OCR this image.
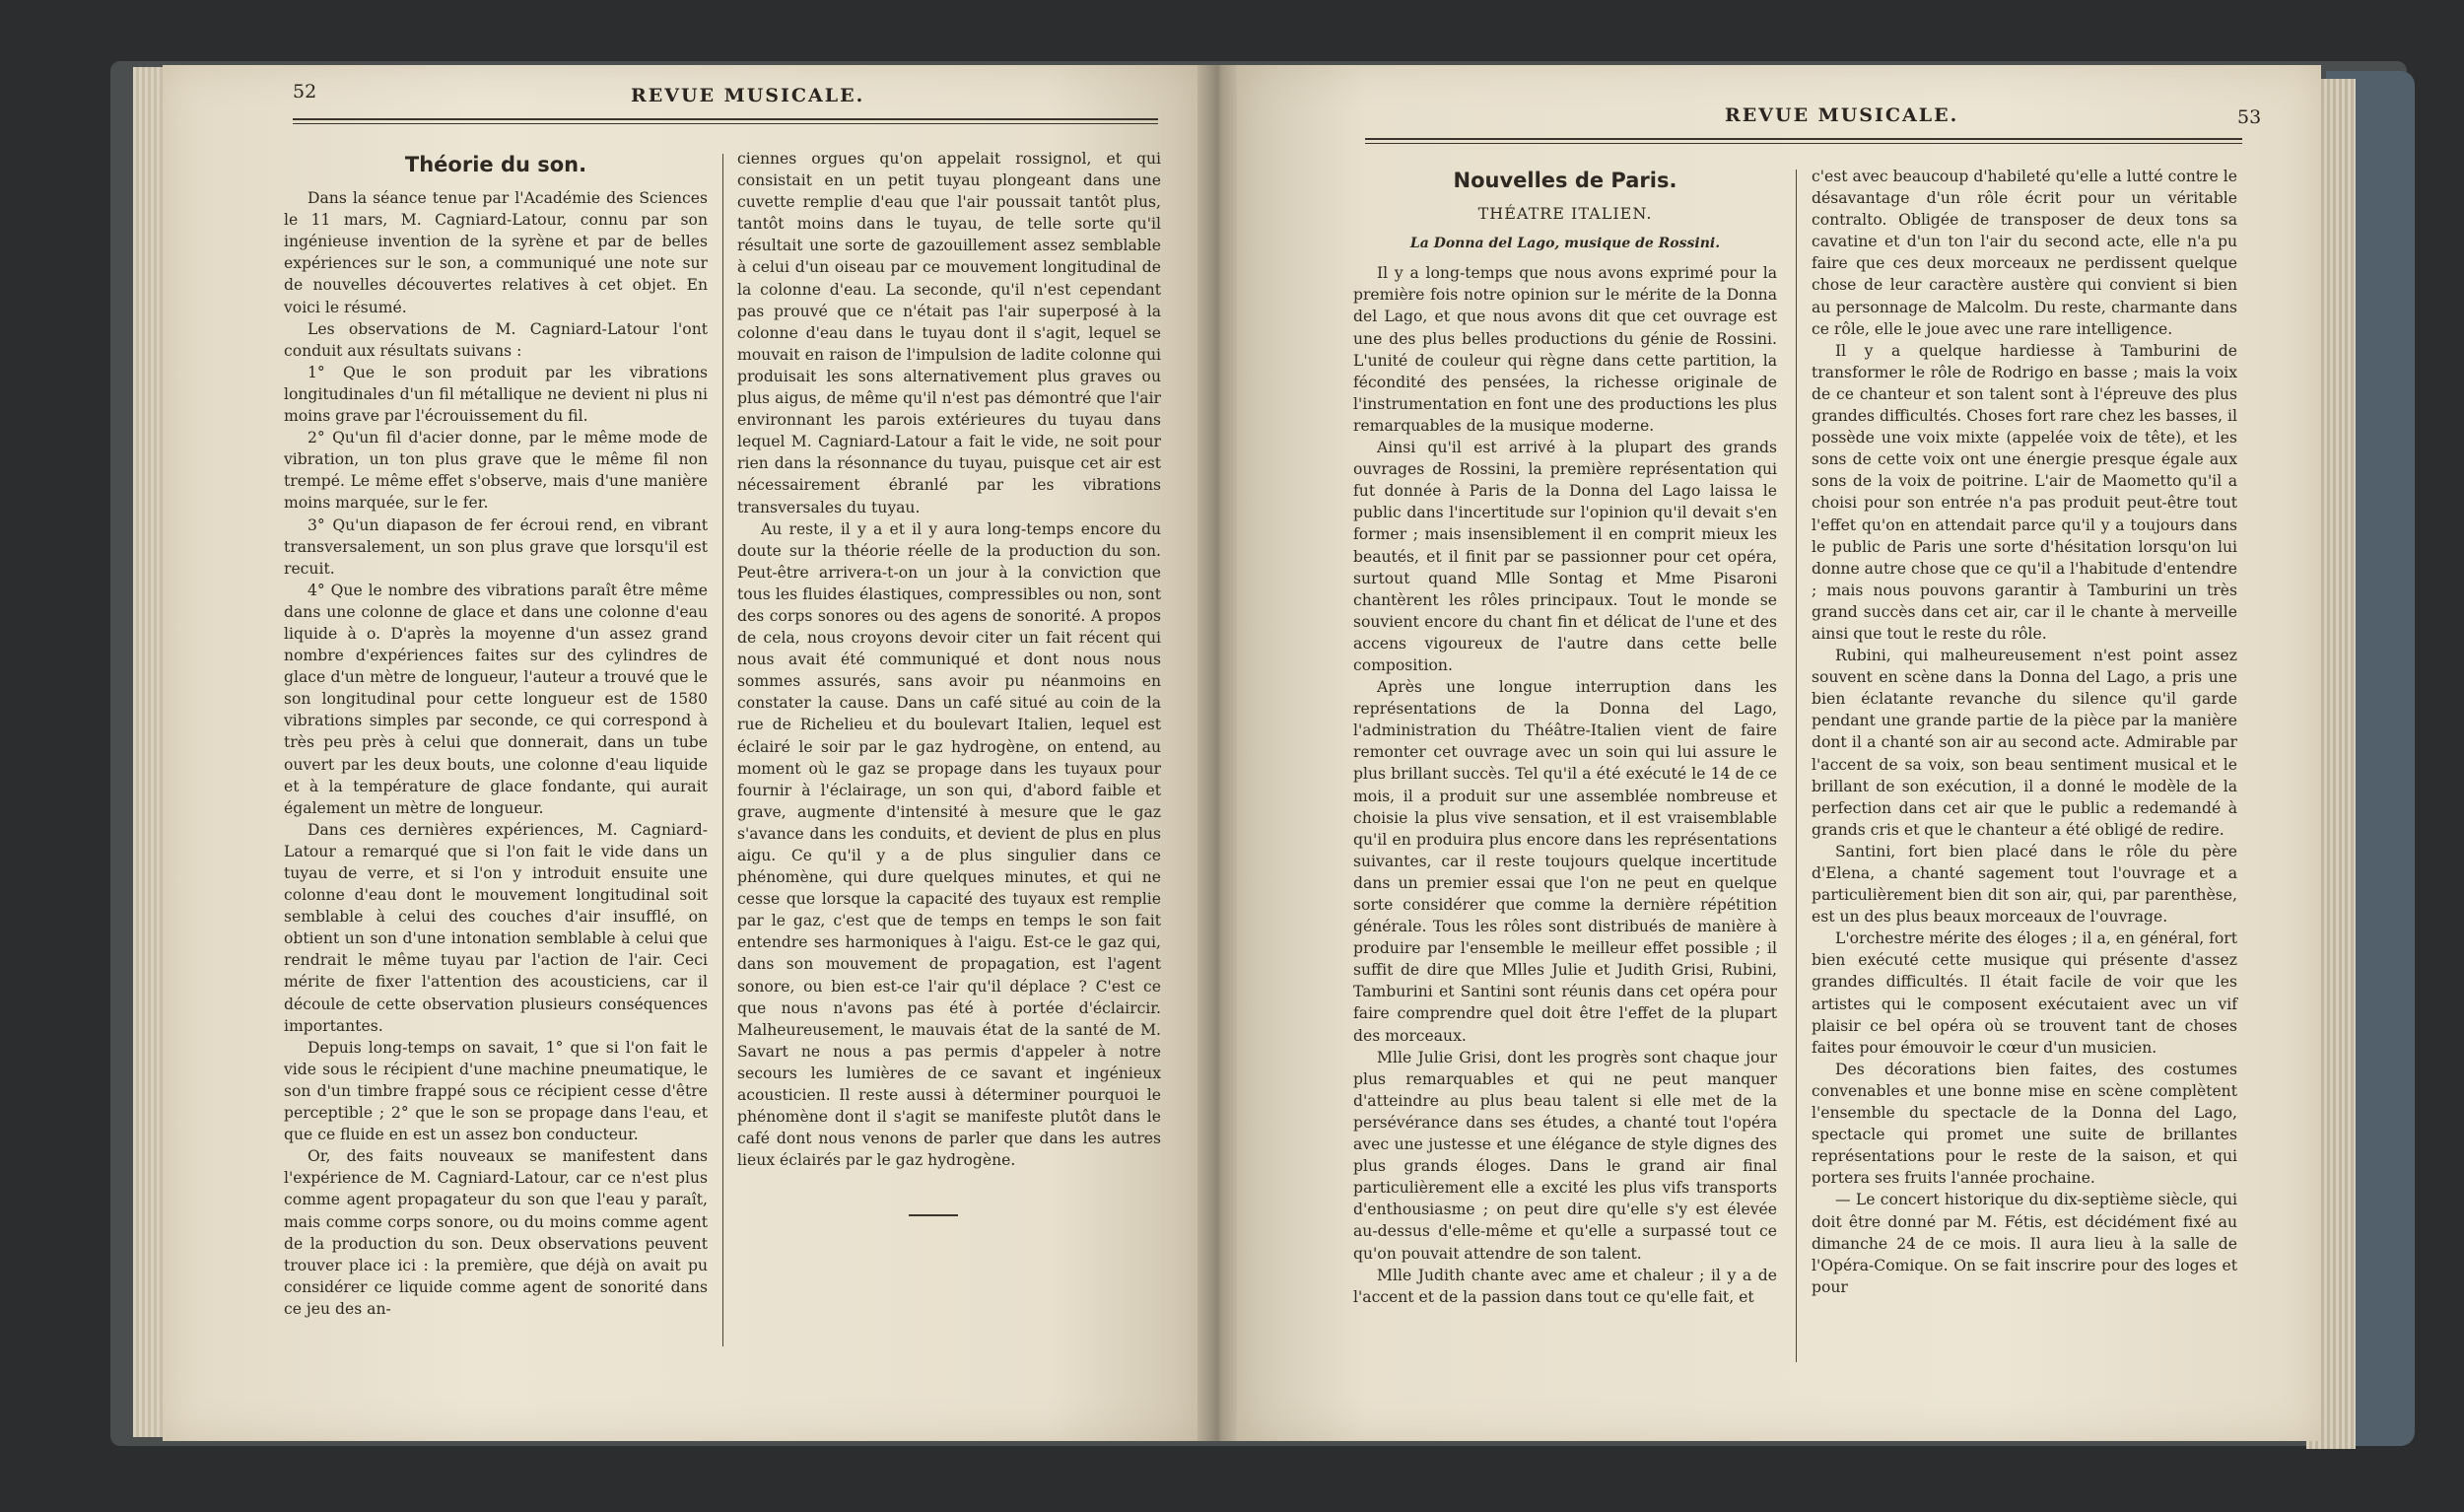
52	REVUE MUSICALE.

Théorie du son.

Dans la séance tenue par l'Académie des Sciences le 11 mars, M. Cagniard-Latour, connu par son ingénieuse invention de la syrène et par de belles expériences sur le son, a communiqué une note sur de nouvelles découvertes relatives à cet objet. En voici le résumé.

Les observations de M. Cagniard-Latour l'ont conduit aux résultats suivans :

1° Que le son produit par les vibrations longitudinales d'un fil métallique ne devient ni plus ni moins grave par l'écrouissement du fil.

2° Qu'un fil d'acier donne, par le même mode de vibration, un ton plus grave que le même fil non trempé. Le même effet s'observe, mais d'une manière moins marquée, sur le fer.

3° Qu'un diapason de fer écroui rend, en vibrant transversalement, un son plus grave que lorsqu'il est recuit.

4° Que le nombre des vibrations paraît être même dans une colonne de glace et dans une colonne d'eau liquide à o. D'après la moyenne d'un assez grand nombre d'expériences faites sur des cylindres de glace d'un mètre de longueur, l'auteur a trouvé que le son longitudinal pour cette longueur est de 1580 vibrations simples par seconde, ce qui correspond à très peu près à celui que donnerait, dans un tube ouvert par les deux bouts, une colonne d'eau liquide et à la température de glace fondante, qui aurait également un mètre de longueur.

Dans ces dernières expériences, M. Cagniard-Latour a remarqué que si l'on fait le vide dans un tuyau de verre, et si l'on y introduit ensuite une colonne d'eau dont le mouvement longitudinal soit semblable à celui des couches d'air insufflé, on obtient un son d'une intonation semblable à celui que rendrait le même tuyau par l'action de l'air. Ceci mérite de fixer l'attention des acousticiens, car il découle de cette observation plusieurs conséquences importantes.

Depuis long-temps on savait, 1° que si l'on fait le vide sous le récipient d'une machine pneumatique, le son d'un timbre frappé sous ce récipient cesse d'être perceptible ; 2° que le son se propage dans l'eau, et que ce fluide en est un assez bon conducteur.

Or, des faits nouveaux se manifestent dans l'expérience de M. Cagniard-Latour, car ce n'est plus comme agent propagateur du son que l'eau y paraît, mais comme corps sonore, ou du moins comme agent de la production du son. Deux observations peuvent trouver place ici : la première, que déjà on avait pu considérer ce liquide comme agent de sonorité dans ce jeu des an-

ciennes orgues qu'on appelait rossignol, et qui consistait en un petit tuyau plongeant dans une cuvette remplie d'eau que l'air poussait tantôt plus, tantôt moins dans le tuyau, de telle sorte qu'il résultait une sorte de gazouillement assez semblable à celui d'un oiseau par ce mouvement longitudinal de la colonne d'eau. La seconde, qu'il n'est cependant pas prouvé que ce n'était pas l'air superposé à la colonne d'eau dans le tuyau dont il s'agit, lequel se mouvait en raison de l'impulsion de ladite colonne qui produisait les sons alternativement plus graves ou plus aigus, de même qu'il n'est pas démontré que l'air environnant les parois extérieures du tuyau dans lequel M. Cagniard-Latour a fait le vide, ne soit pour rien dans la résonnance du tuyau, puisque cet air est nécessairement ébranlé par les vibrations transversales du tuyau.

Au reste, il y a et il y aura long-temps encore du doute sur la théorie réelle de la production du son. Peut-être arrivera-t-on un jour à la conviction que tous les fluides élastiques, compressibles ou non, sont des corps sonores ou des agens de sonorité. A propos de cela, nous croyons devoir citer un fait récent qui nous avait été communiqué et dont nous nous sommes assurés, sans avoir pu néanmoins en constater la cause. Dans un café situé au coin de la rue de Richelieu et du boulevart Italien, lequel est éclairé le soir par le gaz hydrogène, on entend, au moment où le gaz se propage dans les tuyaux pour fournir à l'éclairage, un son qui, d'abord faible et grave, augmente d'intensité à mesure que le gaz s'avance dans les conduits, et devient de plus en plus aigu. Ce qu'il y a de plus singulier dans ce phénomène, qui dure quelques minutes, et qui ne cesse que lorsque la capacité des tuyaux est remplie par le gaz, c'est que de temps en temps le son fait entendre ses harmoniques à l'aigu. Est-ce le gaz qui, dans son mouvement de propagation, est l'agent sonore, ou bien est-ce l'air qu'il déplace ? C'est ce que nous n'avons pas été à portée d'éclaircir. Malheureusement, le mauvais état de la santé de M. Savart ne nous a pas permis d'appeler à notre secours les lumières de ce savant et ingénieux acousticien. Il reste aussi à déterminer pourquoi le phénomène dont il s'agit se manifeste plutôt dans le café dont nous venons de parler que dans les autres lieux éclairés par le gaz hydrogène.

REVUE MUSICALE.	53

Nouvelles de Paris.

THÉATRE ITALIEN.

La Donna del Lago, musique de Rossini.

Il y a long-temps que nous avons exprimé pour la première fois notre opinion sur le mérite de la Donna del Lago, et que nous avons dit que cet ouvrage est une des plus belles productions du génie de Rossini. L'unité de couleur qui règne dans cette partition, la fécondité des pensées, la richesse originale de l'instrumentation en font une des productions les plus remarquables de la musique moderne.

Ainsi qu'il est arrivé à la plupart des grands ouvrages de Rossini, la première représentation qui fut donnée à Paris de la Donna del Lago laissa le public dans l'incertitude sur l'opinion qu'il devait s'en former ; mais insensiblement il en comprit mieux les beautés, et il finit par se passionner pour cet opéra, surtout quand Mlle Sontag et Mme Pisaroni chantèrent les rôles principaux. Tout le monde se souvient encore du chant fin et délicat de l'une et des accens vigoureux de l'autre dans cette belle composition.

Après une longue interruption dans les représentations de la Donna del Lago, l'administration du Théâtre-Italien vient de faire remonter cet ouvrage avec un soin qui lui assure le plus brillant succès. Tel qu'il a été exécuté le 14 de ce mois, il a produit sur une assemblée nombreuse et choisie la plus vive sensation, et il est vraisemblable qu'il en produira plus encore dans les représentations suivantes, car il reste toujours quelque incertitude dans un premier essai que l'on ne peut en quelque sorte considérer que comme la dernière répétition générale. Tous les rôles sont distribués de manière à produire par l'ensemble le meilleur effet possible ; il suffit de dire que Mlles Julie et Judith Grisi, Rubini, Tamburini et Santini sont réunis dans cet opéra pour faire comprendre quel doit être l'effet de la plupart des morceaux.

Mlle Julie Grisi, dont les progrès sont chaque jour plus remarquables et qui ne peut manquer d'atteindre au plus beau talent si elle met de la persévérance dans ses études, a chanté tout l'opéra avec une justesse et une élégance de style dignes des plus grands éloges. Dans le grand air final particulièrement elle a excité les plus vifs transports d'enthousiasme ; on peut dire qu'elle s'y est élevée au-dessus d'elle-même et qu'elle a surpassé tout ce qu'on pouvait attendre de son talent.

Mlle Judith chante avec ame et chaleur ; il y a de l'accent et de la passion dans tout ce qu'elle fait, et

c'est avec beaucoup d'habileté qu'elle a lutté contre le désavantage d'un rôle écrit pour un véritable contralto. Obligée de transposer de deux tons sa cavatine et d'un ton l'air du second acte, elle n'a pu faire que ces deux morceaux ne perdissent quelque chose de leur caractère austère qui convient si bien au personnage de Malcolm. Du reste, charmante dans ce rôle, elle le joue avec une rare intelligence.

Il y a quelque hardiesse à Tamburini de transformer le rôle de Rodrigo en basse ; mais la voix de ce chanteur et son talent sont à l'épreuve des plus grandes difficultés. Choses fort rare chez les basses, il possède une voix mixte (appelée voix de tête), et les sons de cette voix ont une énergie presque égale aux sons de la voix de poitrine. L'air de Maometto qu'il a choisi pour son entrée n'a pas produit peut-être tout l'effet qu'on en attendait parce qu'il y a toujours dans le public de Paris une sorte d'hésitation lorsqu'on lui donne autre chose que ce qu'il a l'habitude d'entendre ; mais nous pouvons garantir à Tamburini un très grand succès dans cet air, car il le chante à merveille ainsi que tout le reste du rôle.

Rubini, qui malheureusement n'est point assez souvent en scène dans la Donna del Lago, a pris une bien éclatante revanche du silence qu'il garde pendant une grande partie de la pièce par la manière dont il a chanté son air au second acte. Admirable par l'accent de sa voix, son beau sentiment musical et le brillant de son exécution, il a donné le modèle de la perfection dans cet air que le public a redemandé à grands cris et que le chanteur a été obligé de redire.

Santini, fort bien placé dans le rôle du père d'Elena, a chanté sagement tout l'ouvrage et a particulièrement bien dit son air, qui, par parenthèse, est un des plus beaux morceaux de l'ouvrage.

L'orchestre mérite des éloges ; il a, en général, fort bien exécuté cette musique qui présente d'assez grandes difficultés. Il était facile de voir que les artistes qui le composent exécutaient avec un vif plaisir ce bel opéra où se trouvent tant de choses faites pour émouvoir le cœur d'un musicien.

Des décorations bien faites, des costumes convenables et une bonne mise en scène complètent l'ensemble du spectacle de la Donna del Lago, spectacle qui promet une suite de brillantes représentations pour le reste de la saison, et qui portera ses fruits l'année prochaine.

— Le concert historique du dix-septième siècle, qui doit être donné par M. Fétis, est décidément fixé au dimanche 24 de ce mois. Il aura lieu à la salle de l'Opéra-Comique. On se fait inscrire pour des loges et pour
